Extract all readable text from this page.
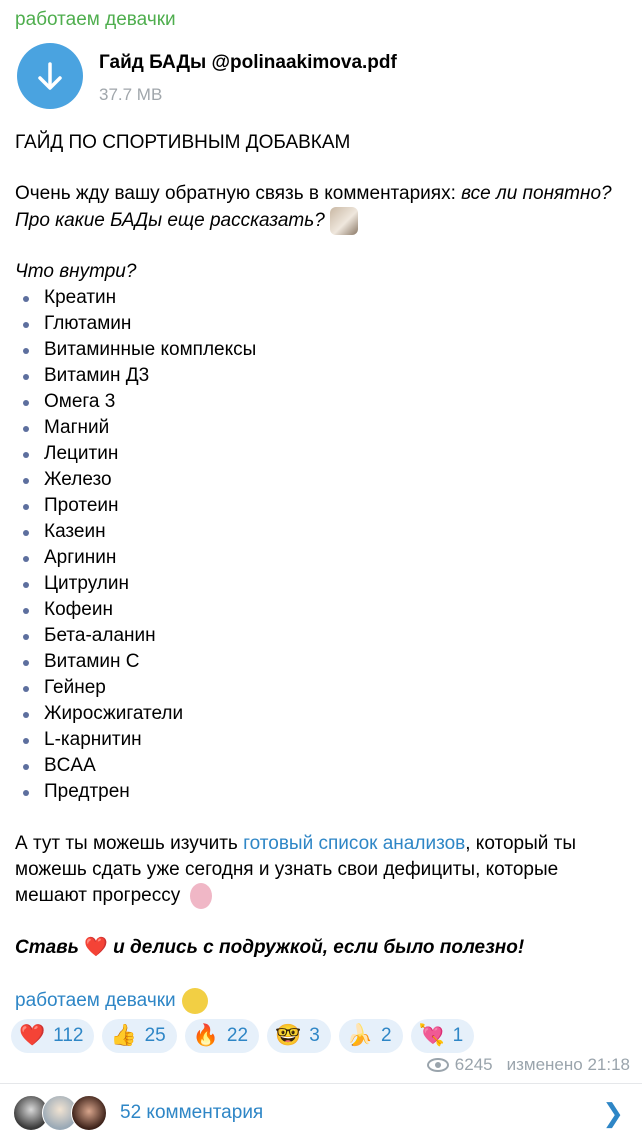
работаем девачки
Гайд БАДы @polinaakimova.pdf
37.7 MB
ГАЙД ПО СПОРТИВНЫМ ДОБАВКАМ
Очень жду вашу обратную связь в комментариях: все ли понятно? Про какие БАДы еще рассказать?
Что внутри?
Креатин
Глютамин
Витаминные комплексы
Витамин Д3
Омега 3
Магний
Лецитин
Железо
Протеин
Казеин
Аргинин
Цитрулин
Кофеин
Бета-аланин
Витамин С
Гейнер
Жиросжигатели
L-карнитин
BCAA
Предтрен
А тут ты можешь изучить готовый список анализов, который ты можешь сдать уже сегодня и узнать свои дефициты, которые мешают прогрессу
Ставь ❤️ и делись с подружкой, если было полезно!
работаем девачки
❤️ 112 👍 25 🔥 22 🤓 3 🍌 2 💘 1
6245 изменено 21:18
52 комментария	❯
